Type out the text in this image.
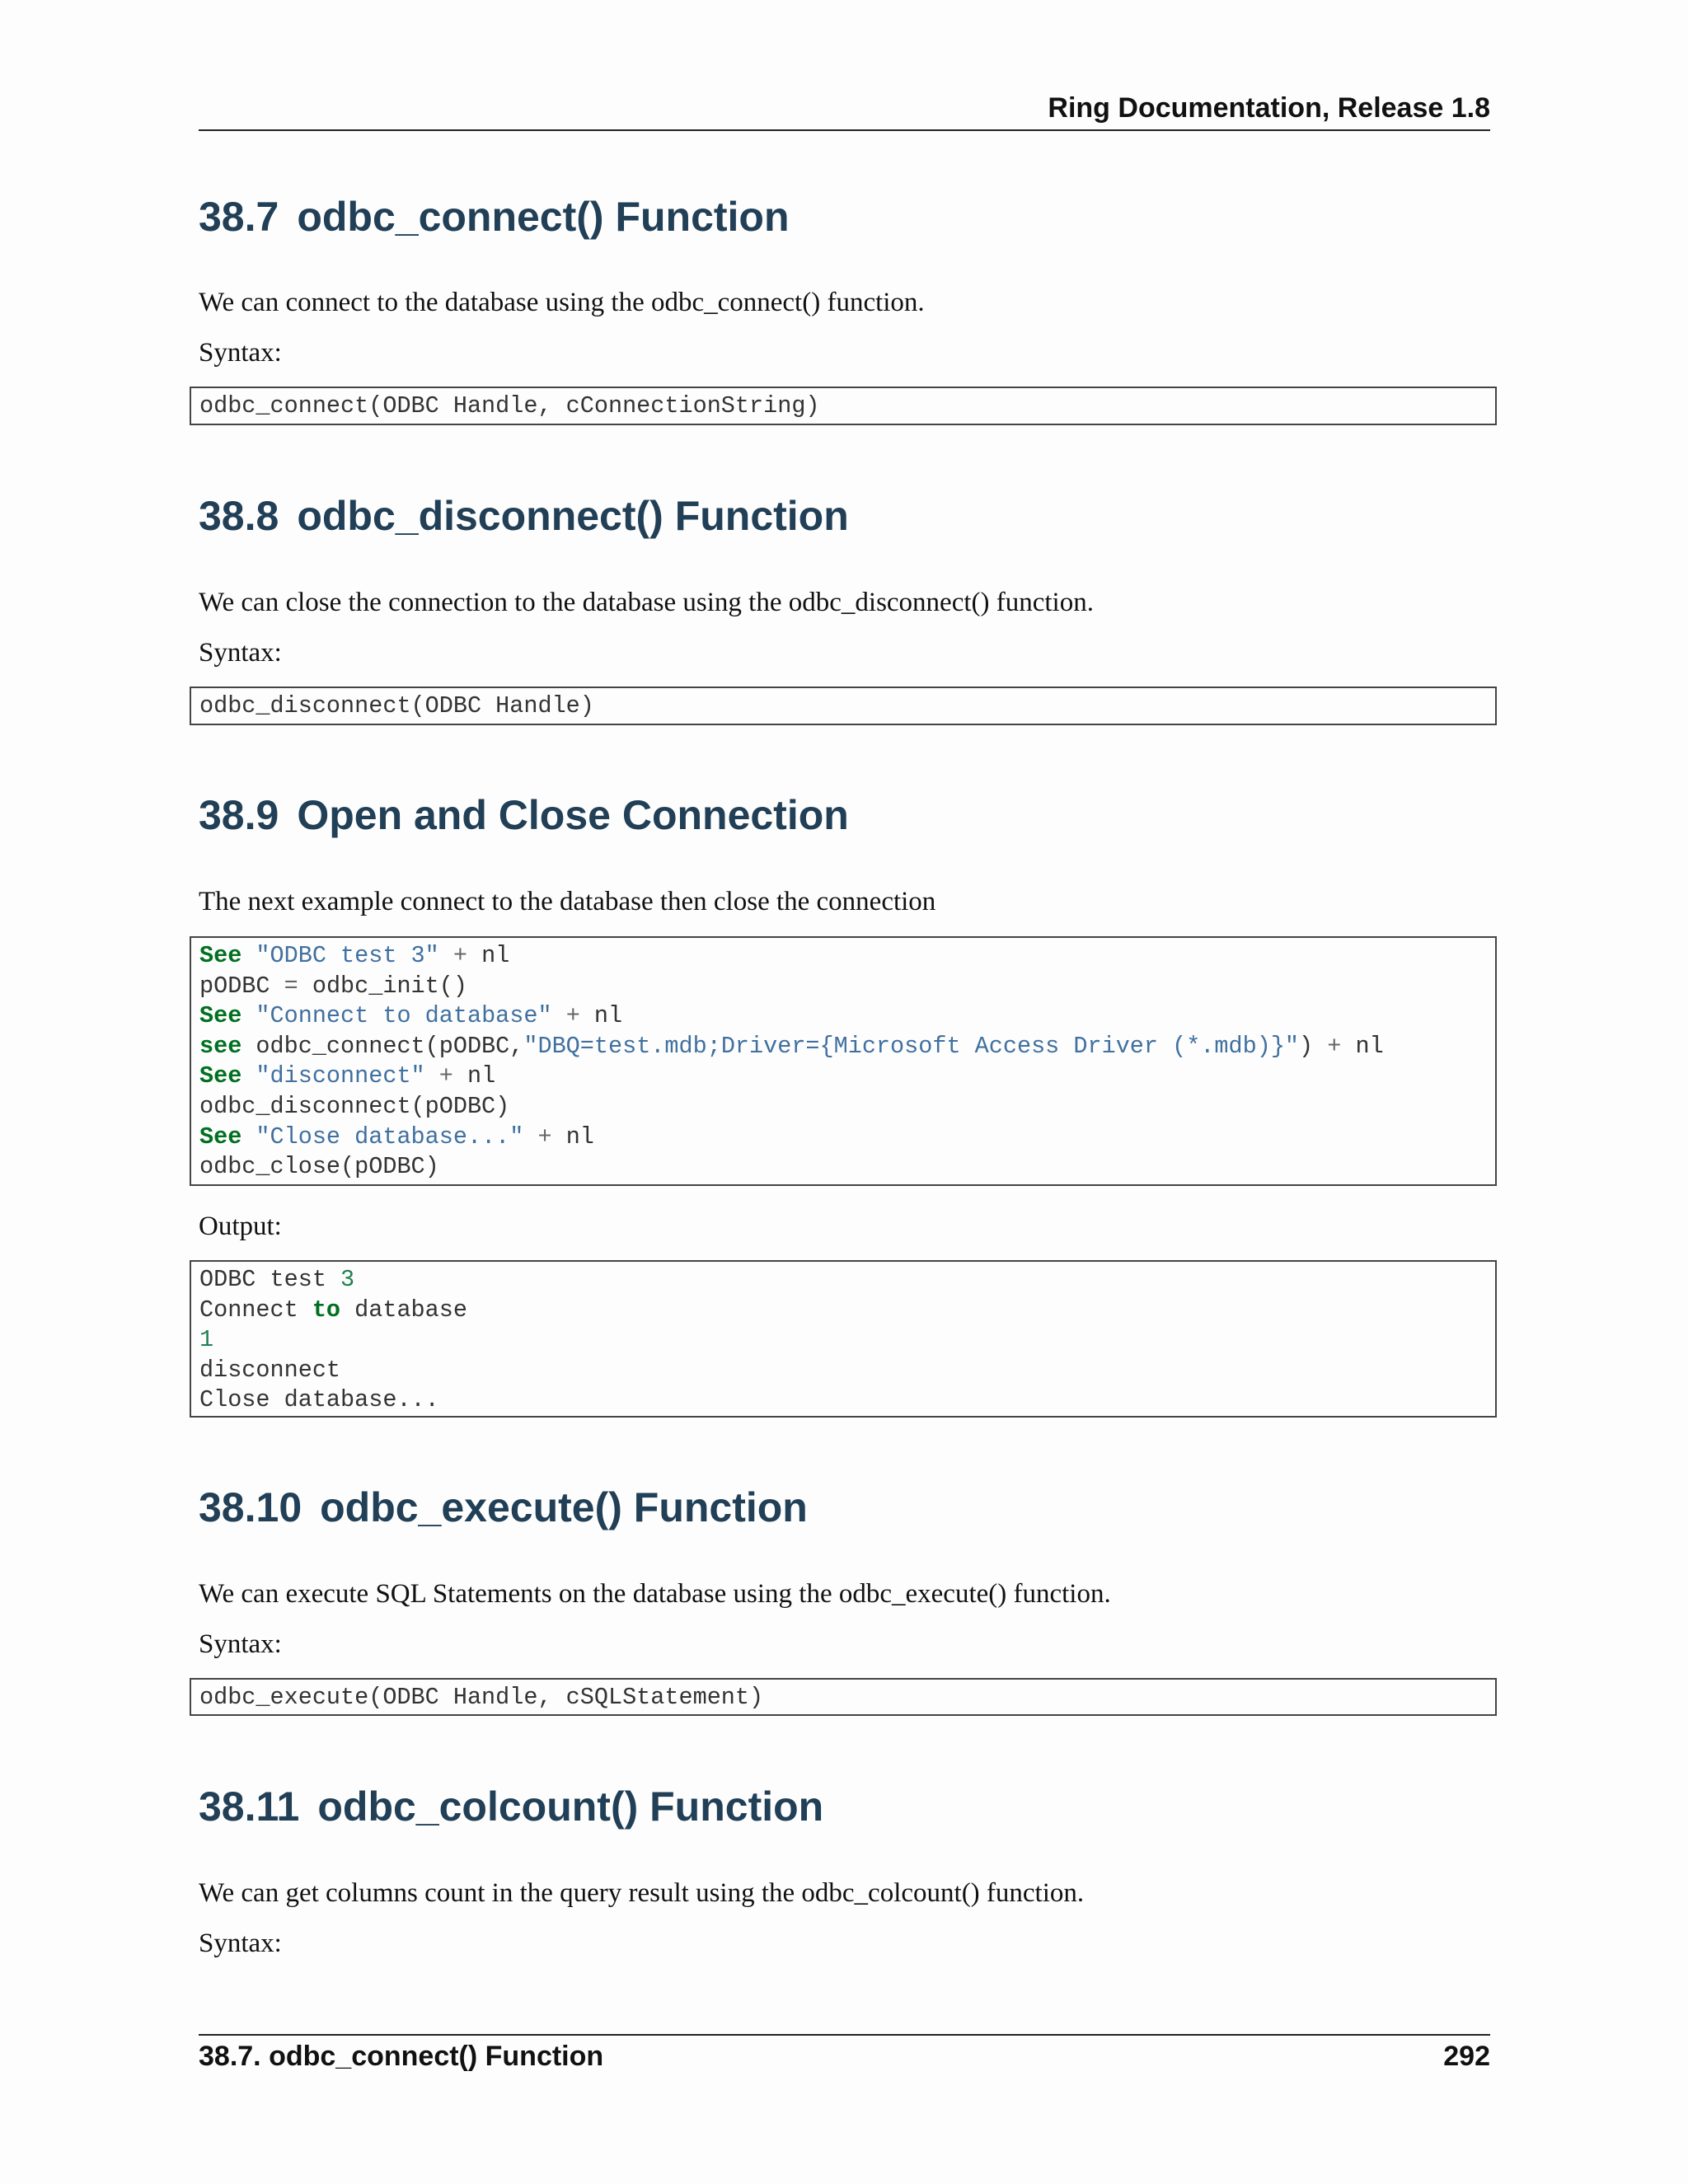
Ring Documentation, Release 1.8
38.7 odbc_connect() Function

We can connect to the database using the odbc_connect() function.

Syntax:

odbc_connect(ODBC Handle, cConnectionString)
38.8 odbc_disconnect() Function

We can close the connection to the database using the odbc_disconnect() function.

Syntax:

odbc_disconnect(ODBC Handle)
38.9 Open and Close Connection

The next example connect to the database then close the connection

See "ODBC test 3" + nl
pODBC = odbc_init()
See "Connect to database" + nl
see odbc_connect(pODBC,"DBQ=test.mdb;Driver={Microsoft Access Driver (*.mdb)}") + nl
See "disconnect" + nl
odbc_disconnect(pODBC)
See "Close database..." + nl
odbc_close(pODBC)

Output:

ODBC test 3
Connect to database
1
disconnect
Close database...
38.10 odbc_execute() Function

We can execute SQL Statements on the database using the odbc_execute() function.

Syntax:

odbc_execute(ODBC Handle, cSQLStatement)
38.11 odbc_colcount() Function

We can get columns count in the query result using the odbc_colcount() function.

Syntax:

38.7. odbc_connect() Function	292
